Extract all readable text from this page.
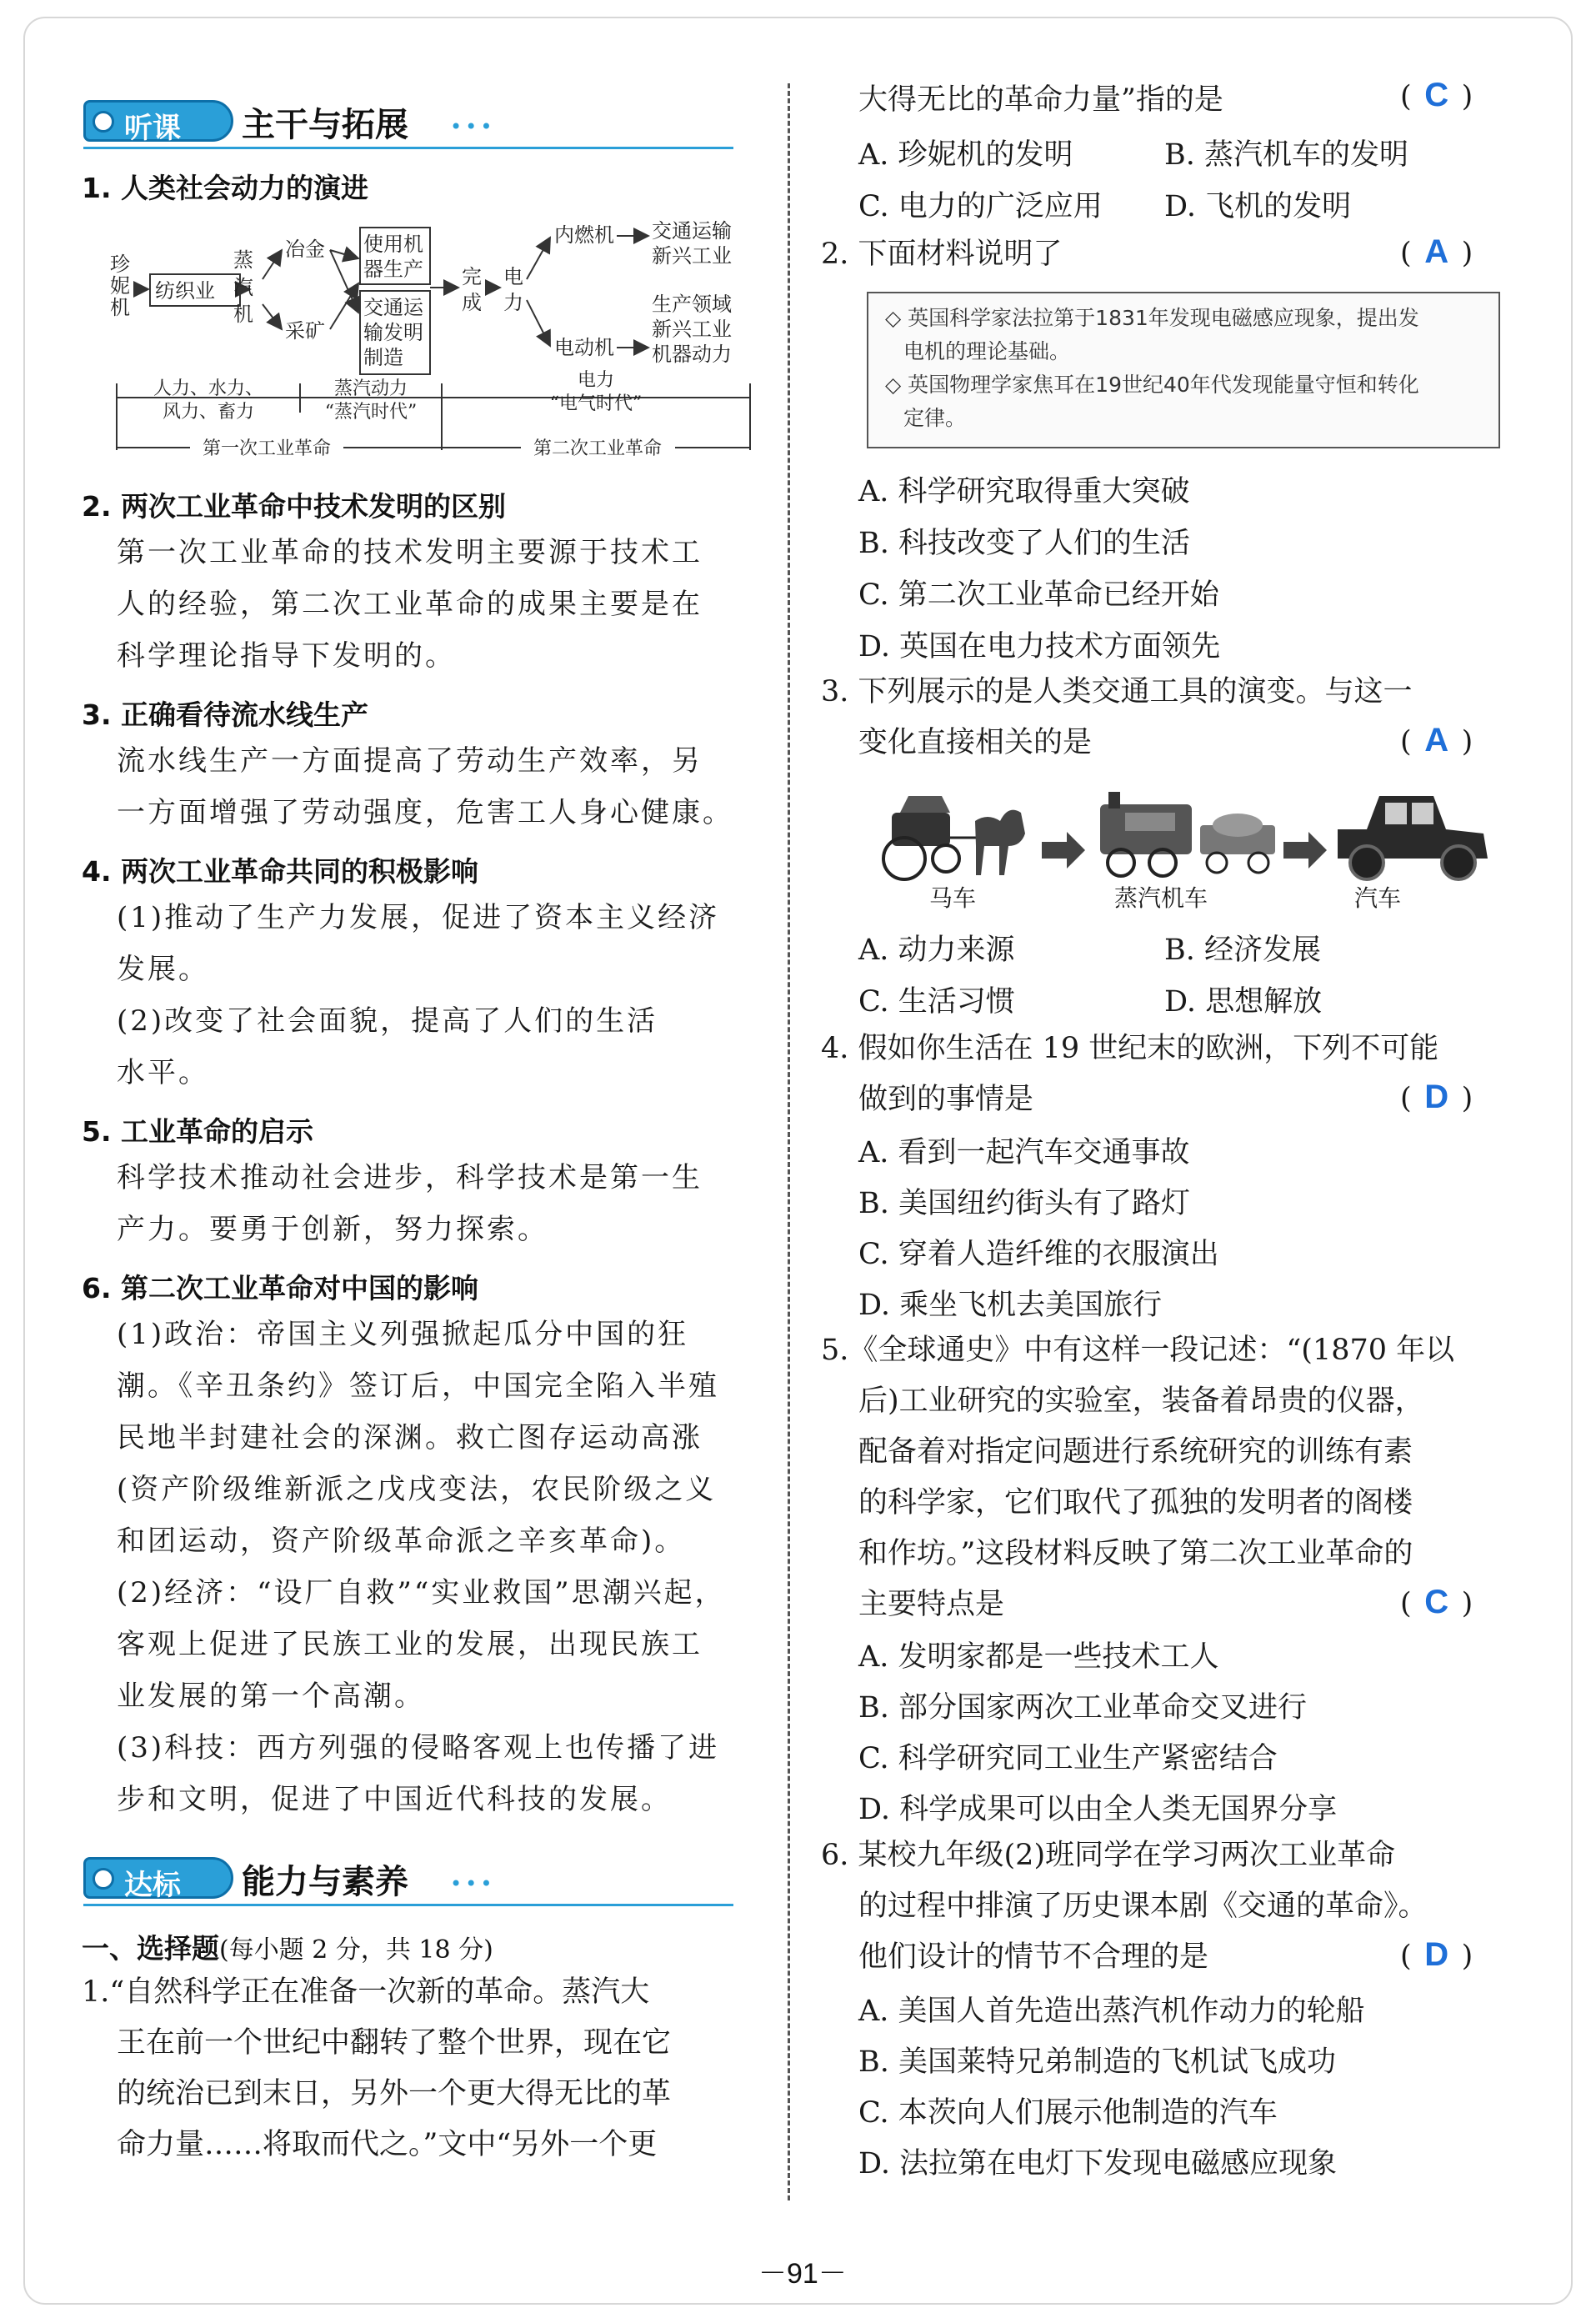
听课 主干与拓展 •••
1. 人类社会动力的演进
珍
妮
机
纺织业
蒸
汽
机
冶金
采矿
使用机
器生产
交通运
输发明
制造
完
成
电
力
内燃机
电动机
交通运输
新兴工业
生产领域
新兴工业
机器动力
人力、水力、
风力、畜力
蒸汽动力
“蒸汽时代”
电力
“电气时代”
第一次工业革命	第二次工业革命
2. 两次工业革命中技术发明的区别
第一次工业革命的技术发明主要源于技术工
人的经验，第二次工业革命的成果主要是在
科学理论指导下发明的。
3. 正确看待流水线生产
流水线生产一方面提高了劳动生产效率，另
一方面增强了劳动强度，危害工人身心健康。
4. 两次工业革命共同的积极影响
(1)推动了生产力发展，促进了资本主义经济
发展。
(2)改变了社会面貌，提高了人们的生活
水平。
5. 工业革命的启示
科学技术推动社会进步，科学技术是第一生
产力。要勇于创新，努力探索。
6. 第二次工业革命对中国的影响
(1)政治：帝国主义列强掀起瓜分中国的狂
潮。《辛丑条约》签订后，中国完全陷入半殖
民地半封建社会的深渊。救亡图存运动高涨
(资产阶级维新派之戊戌变法，农民阶级之义
和团运动，资产阶级革命派之辛亥革命)。
(2)经济：“设厂自救”“实业救国”思潮兴起，
客观上促进了民族工业的发展，出现民族工
业发展的第一个高潮。
(3)科技：西方列强的侵略客观上也传播了进
步和文明，促进了中国近代科技的发展。
达标 能力与素养 •••
一、选择题(每小题 2 分，共 18 分)
1.“自然科学正在准备一次新的革命。蒸汽大
王在前一个世纪中翻转了整个世界，现在它
的统治已到末日，另外一个更大得无比的革
命力量……将取而代之。”文中“另外一个更
大得无比的革命力量”指的是	( C )
A. 珍妮机的发明	B. 蒸汽机车的发明
C. 电力的广泛应用 D. 飞机的发明
2. 下面材料说明了	( A )
◇ 英国科学家法拉第于1831年发现电磁感应现象，提出发
电机的理论基础。
◇ 英国物理学家焦耳在19世纪40年代发现能量守恒和转化
定律。
A. 科学研究取得重大突破
B. 科技改变了人们的生活
C. 第二次工业革命已经开始
D. 英国在电力技术方面领先
3. 下列展示的是人类交通工具的演变。与这一
变化直接相关的是	( A )
马车	蒸汽机车	汽车
A. 动力来源	B. 经济发展
C. 生活习惯	D. 思想解放
4. 假如你生活在 19 世纪末的欧洲，下列不可能
做到的事情是	( D )
A. 看到一起汽车交通事故
B. 美国纽约街头有了路灯
C. 穿着人造纤维的衣服演出
D. 乘坐飞机去美国旅行
5.《全球通史》中有这样一段记述：“(1870 年以
后)工业研究的实验室，装备着昂贵的仪器，
配备着对指定问题进行系统研究的训练有素
的科学家，它们取代了孤独的发明者的阁楼
和作坊。”这段材料反映了第二次工业革命的
主要特点是	( C )
A. 发明家都是一些技术工人
B. 部分国家两次工业革命交叉进行
C. 科学研究同工业生产紧密结合
D. 科学成果可以由全人类无国界分享
6. 某校九年级(2)班同学在学习两次工业革命
的过程中排演了历史课本剧《交通的革命》。
他们设计的情节不合理的是	( D )
A. 美国人首先造出蒸汽机作动力的轮船
B. 美国莱特兄弟制造的飞机试飞成功
C. 本茨向人们展示他制造的汽车
D. 法拉第在电灯下发现电磁感应现象
－91－
